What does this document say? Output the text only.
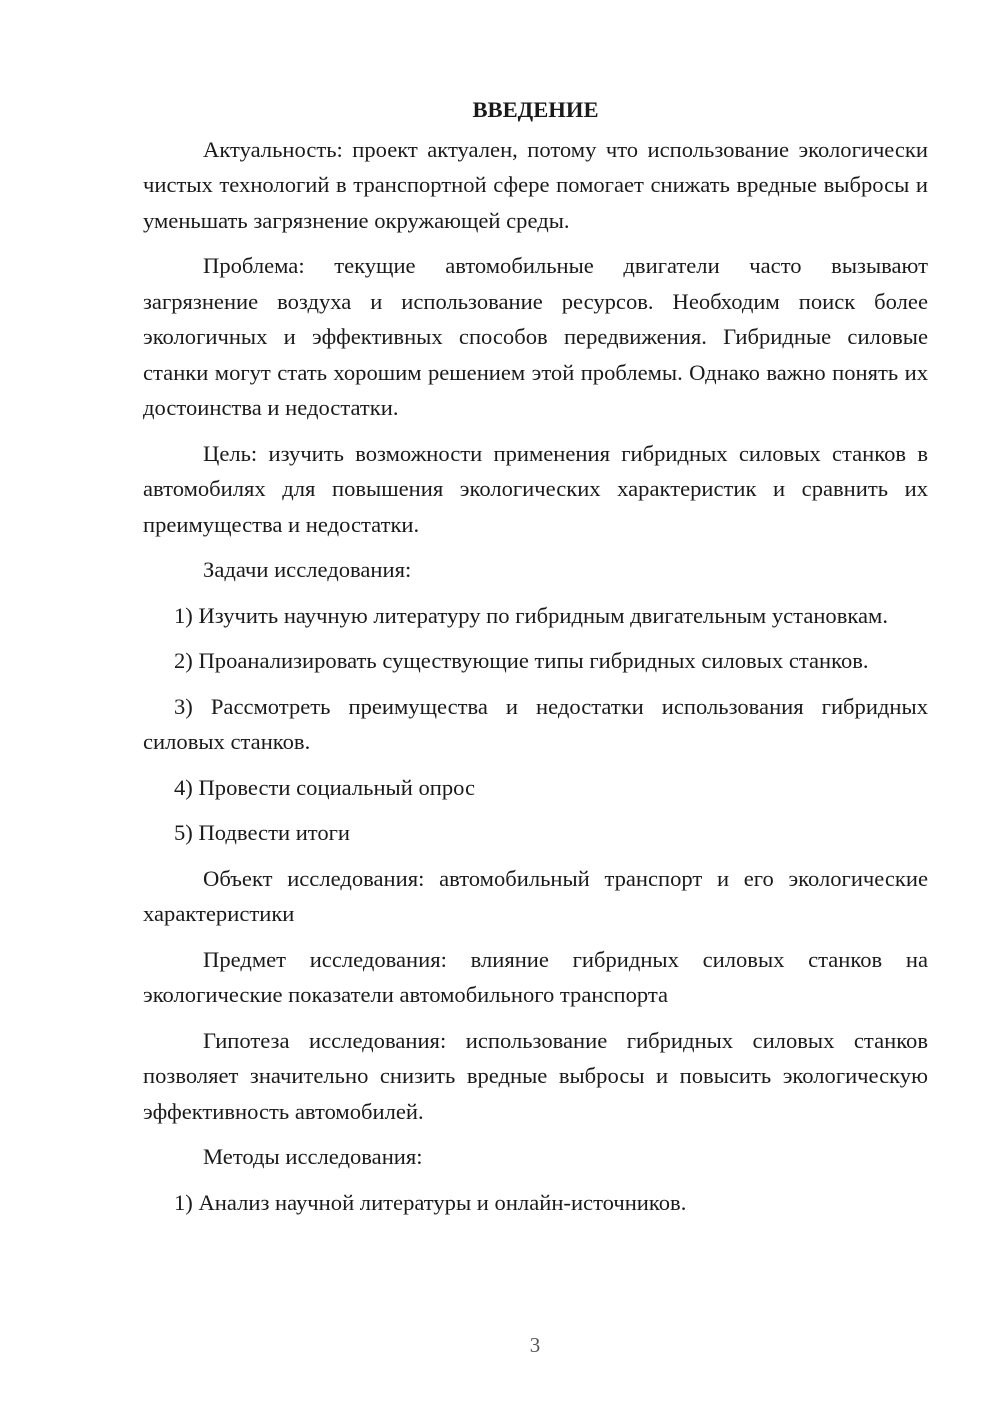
ВВЕДЕНИЕ

Актуальность: проект актуален, потому что использование экологически чистых технологий в транспортной сфере помогает снижать вредные выбросы и уменьшать загрязнение окружающей среды.

Проблема: текущие автомобильные двигатели часто вызывают загрязнение воздуха и использование ресурсов. Необходим поиск более экологичных и эффективных способов передвижения. Гибридные силовые станки могут стать хорошим решением этой проблемы. Однако важно понять их достоинства и недостатки.

Цель: изучить возможности применения гибридных силовых станков в автомобилях для повышения экологических характеристик и сравнить их преимущества и недостатки.

Задачи исследования:

1) Изучить научную литературу по гибридным двигательным установкам.

2) Проанализировать существующие типы гибридных силовых станков.

3) Рассмотреть преимущества и недостатки использования гибридных силовых станков.

4) Провести социальный опрос

5) Подвести итоги

Объект исследования: автомобильный транспорт и его экологические характеристики

Предмет исследования: влияние гибридных силовых станков на экологические показатели автомобильного транспорта

Гипотеза исследования: использование гибридных силовых станков позволяет значительно снизить вредные выбросы и повысить экологическую эффективность автомобилей.

Методы исследования:

1) Анализ научной литературы и онлайн-источников.

3
